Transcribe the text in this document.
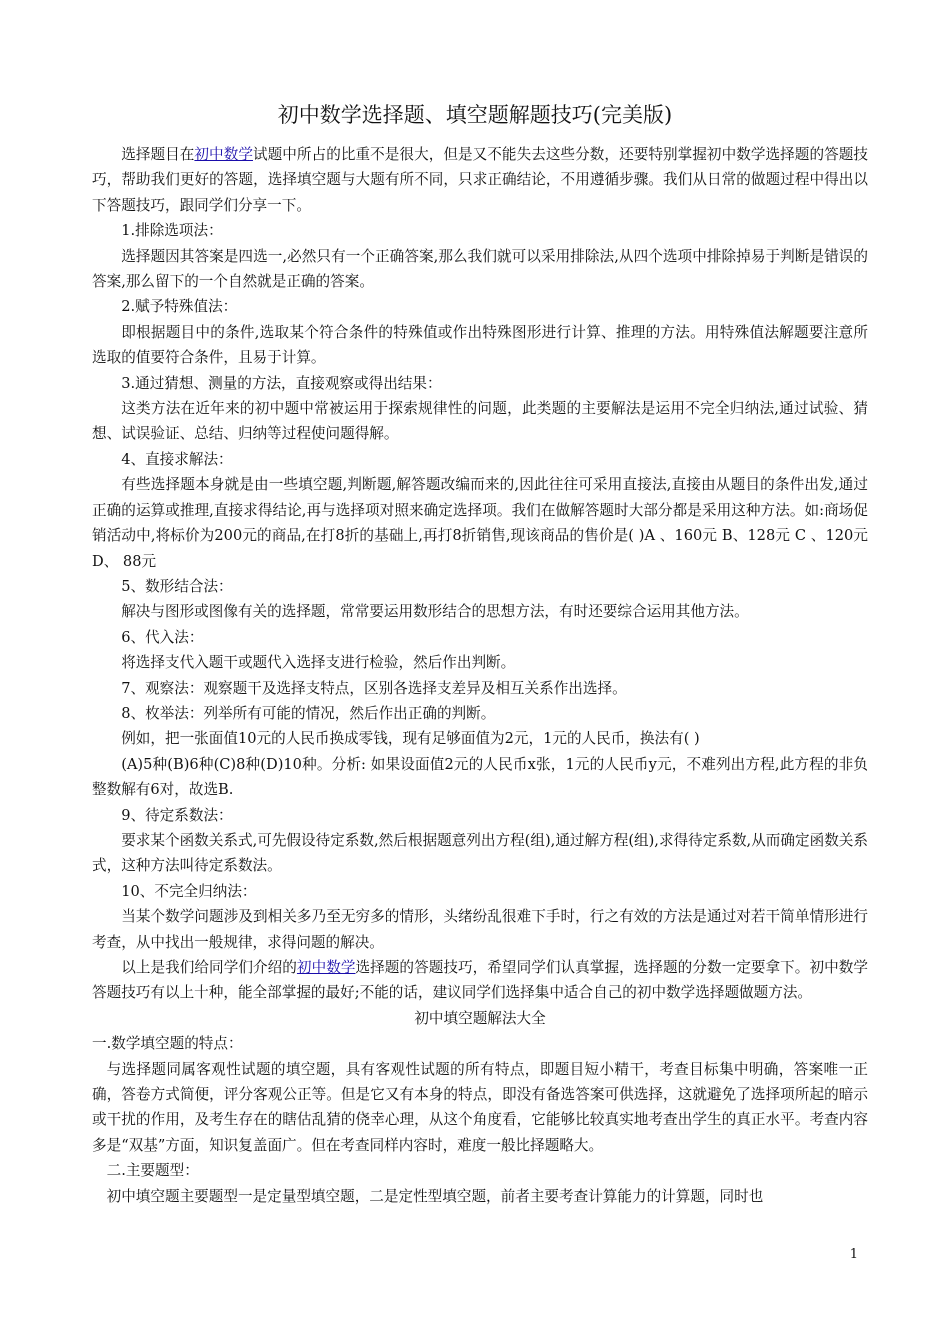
初中数学选择题、填空题解题技巧(完美版)

选择题目在初中数学试题中所占的比重不是很大，但是又不能失去这些分数，还要特别掌握初中数学选择题的答题技巧，帮助我们更好的答题，选择填空题与大题有所不同，只求正确结论，不用遵循步骤。我们从日常的做题过程中得出以下答题技巧，跟同学们分享一下。

1.排除选项法：

选择题因其答案是四选一,必然只有一个正确答案,那么我们就可以采用排除法,从四个选项中排除掉易于判断是错误的答案,那么留下的一个自然就是正确的答案。

2.赋予特殊值法：

即根据题目中的条件,选取某个符合条件的特殊值或作出特殊图形进行计算、推理的方法。用特殊值法解题要注意所选取的值要符合条件，且易于计算。

3.通过猜想、测量的方法，直接观察或得出结果：

这类方法在近年来的初中题中常被运用于探索规律性的问题，此类题的主要解法是运用不完全归纳法,通过试验、猜想、试误验证、总结、归纳等过程使问题得解。

4、直接求解法：

有些选择题本身就是由一些填空题,判断题,解答题改编而来的,因此往往可采用直接法,直接由从题目的条件出发,通过正确的运算或推理,直接求得结论,再与选择项对照来确定选择项。我们在做解答题时大部分都是采用这种方法。如:商场促销活动中,将标价为200元的商品,在打8折的基础上,再打8折销售,现该商品的售价是( )A 、160元 B、128元 C 、120元 D、 88元

5、数形结合法：

解决与图形或图像有关的选择题，常常要运用数形结合的思想方法，有时还要综合运用其他方法。

6、代入法：

将选择支代入题干或题代入选择支进行检验，然后作出判断。

7、观察法：观察题干及选择支特点，区别各选择支差异及相互关系作出选择。

8、枚举法：列举所有可能的情况，然后作出正确的判断。

例如，把一张面值10元的人民币换成零钱，现有足够面值为2元，1元的人民币，换法有( )

(A)5种(B)6种(C)8种(D)10种。分析: 如果设面值2元的人民币x张，1元的人民币y元，不难列出方程,此方程的非负整数解有6对，故选B.

9、待定系数法：

要求某个函数关系式,可先假设待定系数,然后根据题意列出方程(组),通过解方程(组),求得待定系数,从而确定函数关系式，这种方法叫待定系数法。

10、不完全归纳法：

当某个数学问题涉及到相关多乃至无穷多的情形，头绪纷乱很难下手时，行之有效的方法是通过对若干简单情形进行考查，从中找出一般规律，求得问题的解决。

以上是我们给同学们介绍的初中数学选择题的答题技巧，希望同学们认真掌握，选择题的分数一定要拿下。初中数学答题技巧有以上十种，能全部掌握的最好;不能的话，建议同学们选择集中适合自己的初中数学选择题做题方法。

初中填空题解法大全

一.数学填空题的特点：

与选择题同属客观性试题的填空题，具有客观性试题的所有特点，即题目短小精干，考查目标集中明确，答案唯一正确，答卷方式简便，评分客观公正等。但是它又有本身的特点，即没有备选答案可供选择，这就避免了选择项所起的暗示或干扰的作用，及考生存在的瞎估乱猜的侥幸心理，从这个角度看，它能够比较真实地考查出学生的真正水平。考查内容多是“双基”方面，知识复盖面广。但在考查同样内容时，难度一般比择题略大。

二.主要题型：

初中填空题主要题型一是定量型填空题，二是定性型填空题，前者主要考查计算能力的计算题，同时也

1
